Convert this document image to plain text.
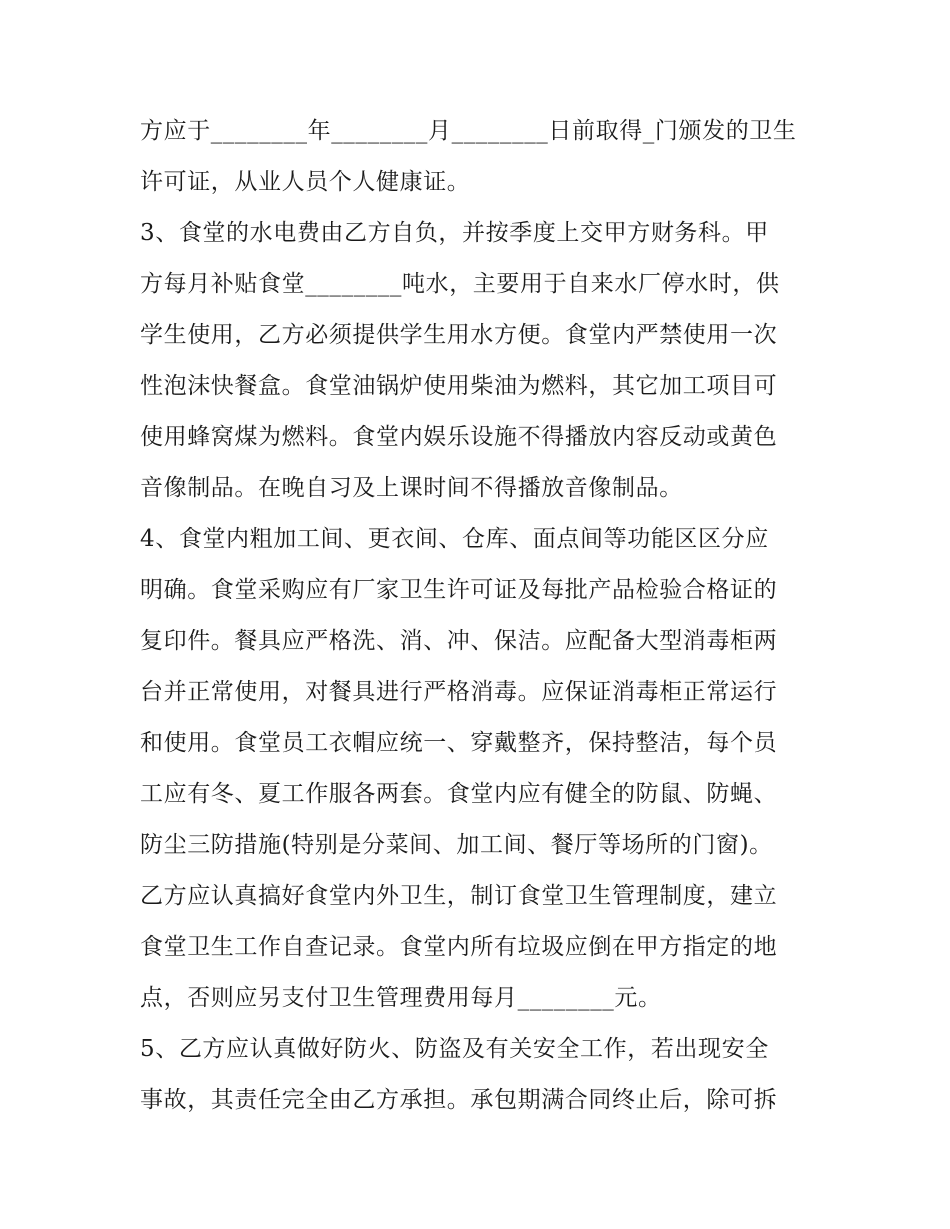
方应于________年________月________日前取得_门颁发的卫生
许可证，从业人员个人健康证。
3、食堂的水电费由乙方自负，并按季度上交甲方财务科。甲
方每月补贴食堂________吨水，主要用于自来水厂停水时，供
学生使用，乙方必须提供学生用水方便。食堂内严禁使用一次
性泡沫快餐盒。食堂油锅炉使用柴油为燃料，其它加工项目可
使用蜂窝煤为燃料。食堂内娱乐设施不得播放内容反动或黄色
音像制品。在晚自习及上课时间不得播放音像制品。
4、食堂内粗加工间、更衣间、仓库、面点间等功能区区分应
明确。食堂采购应有厂家卫生许可证及每批产品检验合格证的
复印件。餐具应严格洗、消、冲、保洁。应配备大型消毒柜两
台并正常使用，对餐具进行严格消毒。应保证消毒柜正常运行
和使用。食堂员工衣帽应统一、穿戴整齐，保持整洁，每个员
工应有冬、夏工作服各两套。食堂内应有健全的防鼠、防蝇、
防尘三防措施(特别是分菜间、加工间、餐厅等场所的门窗)。
乙方应认真搞好食堂内外卫生，制订食堂卫生管理制度，建立
食堂卫生工作自查记录。食堂内所有垃圾应倒在甲方指定的地
点，否则应另支付卫生管理费用每月________元。
5、乙方应认真做好防火、防盗及有关安全工作，若出现安全
事故，其责任完全由乙方承担。承包期满合同终止后，除可拆
